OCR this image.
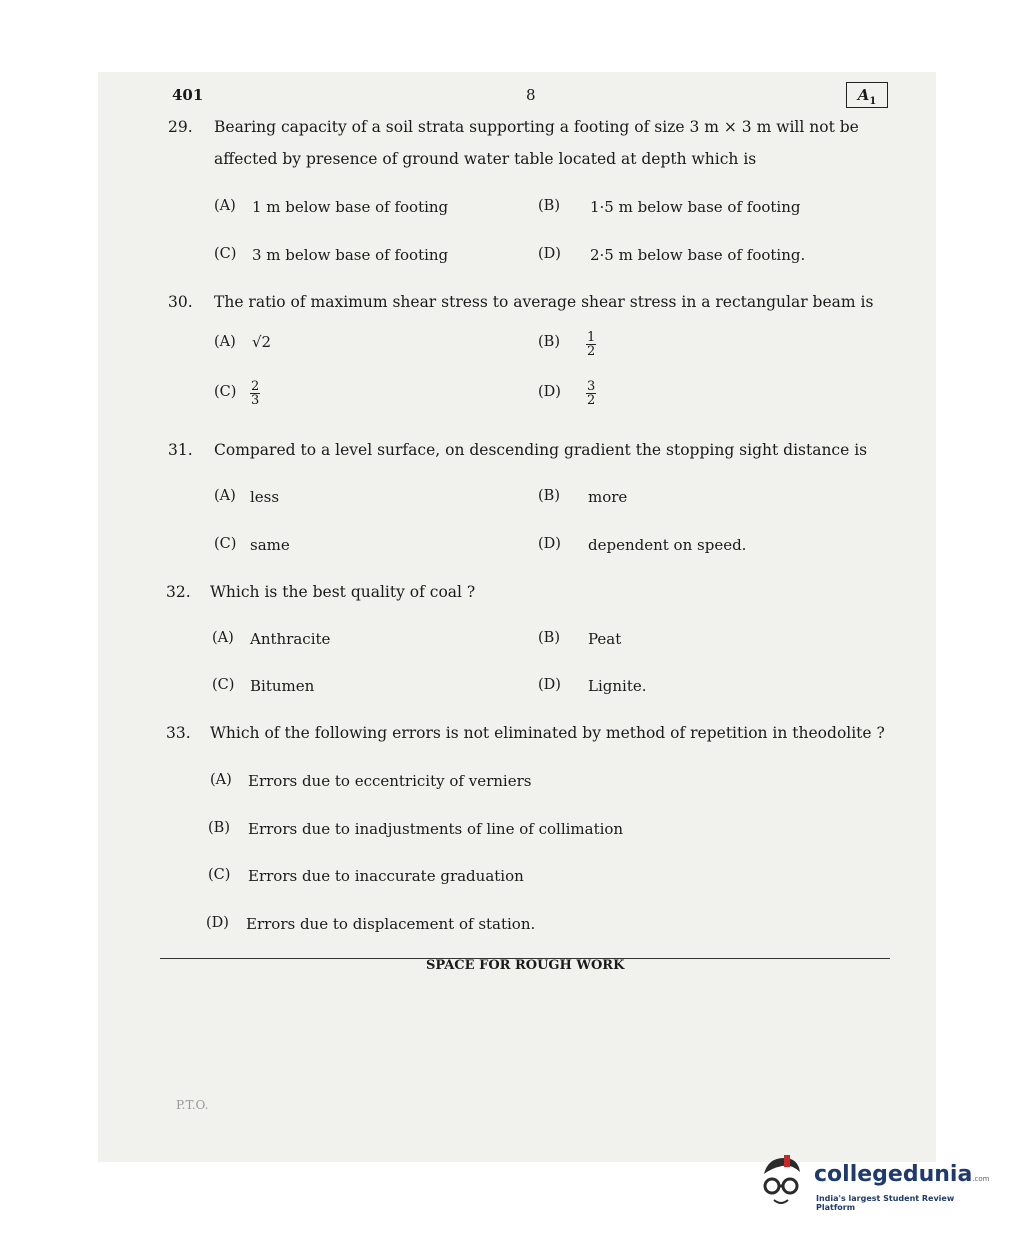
401	8	$A_1$
29. Bearing capacity of a soil strata supporting a footing of size 3 m × 3 m will not be
affected by presence of ground water table located at depth which is
(A) 1 m below base of footing	(B) 1·5 m below base of footing
(C) 3 m below base of footing	(D) 2·5 m below base of footing.
30. The ratio of maximum shear stress to average shear stress in a rectangular beam is
(A) √2	$(B) \frac{1}{2}$
$(C) \frac{2}{3}$	$(D) \frac{3}{2}$
31. Compared to a level surface, on descending gradient the stopping sight distance is
(A) less	(B) more
(C) same	(D) dependent on speed.
32. Which is the best quality of coal ?
(A) Anthracite	(B) Peat
(C) Bitumen	(D) Lignite.
33. Which of the following errors is not eliminated by method of repetition in theodolite ?
(A) Errors due to eccentricity of verniers
(B) Errors due to inadjustments of line of collimation
(C) Errors due to inaccurate graduation
(D) Errors due to displacement of station.
SPACE FOR ROUGH WORK
P.T.O.
collegedunia.com
India's largest Student Review Platform
